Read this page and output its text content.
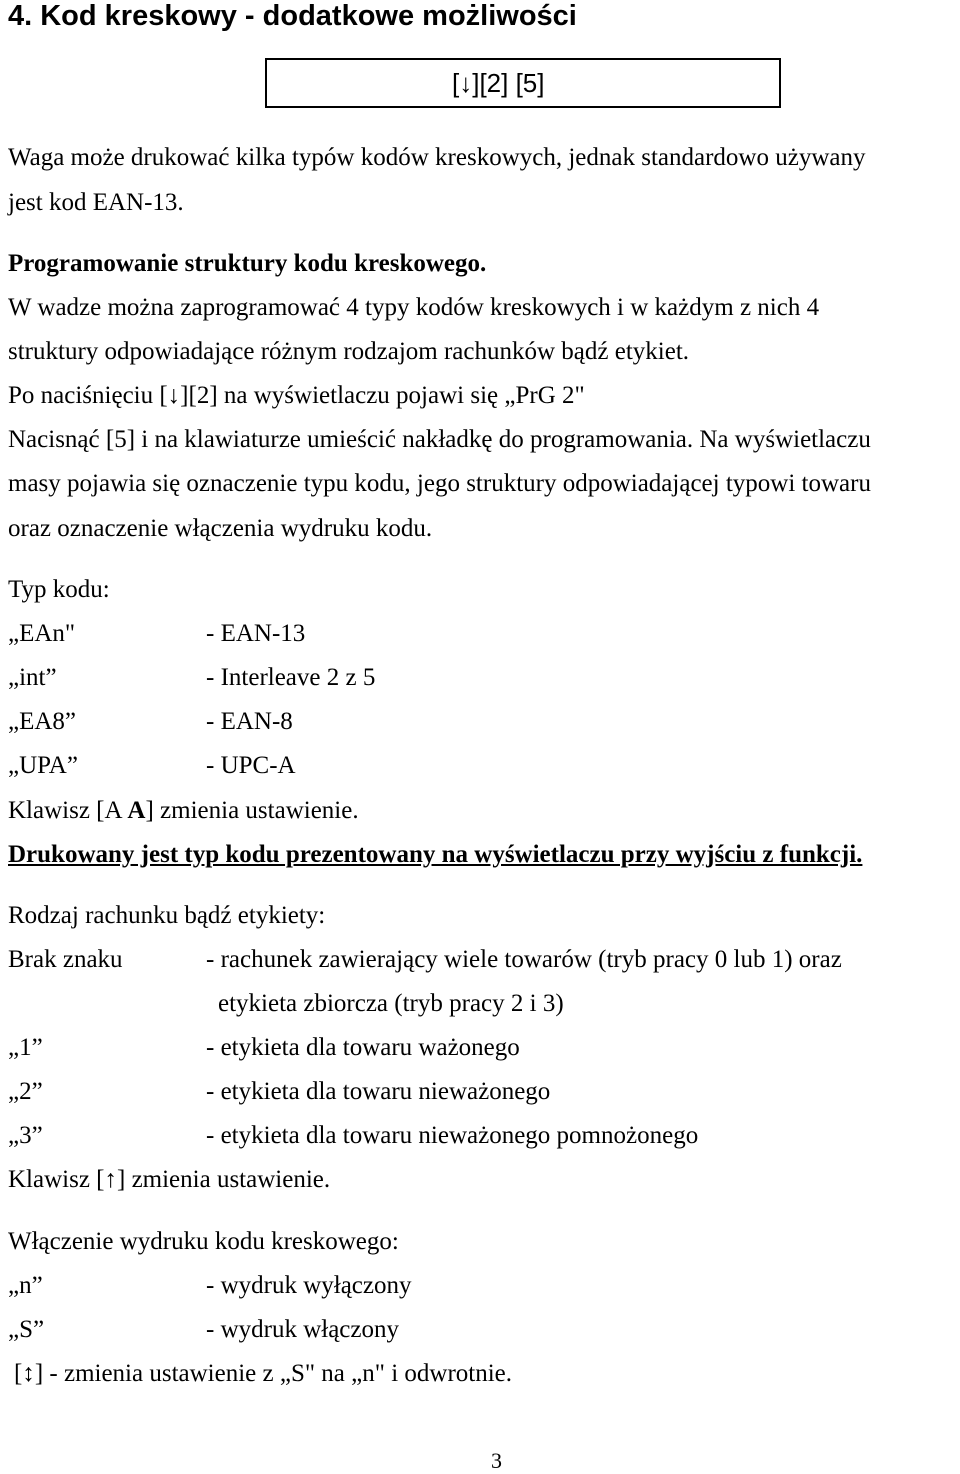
4. Kod kreskowy - dodatkowe możliwości
[↓][2] [5]
Waga może drukować kilka typów kodów kreskowych, jednak standardowo używany
jest kod EAN-13.
Programowanie struktury kodu kreskowego.
W wadze można zaprogramować 4 typy kodów kreskowych i w każdym z nich 4
struktury odpowiadające różnym rodzajom rachunków bądź etykiet.
Po naciśnięciu [↓][2] na wyświetlaczu pojawi się „PrG 2"
Nacisnąć [5] i na klawiaturze umieścić nakładkę do programowania. Na wyświetlaczu
masy pojawia się oznaczenie typu kodu, jego struktury odpowiadającej typowi towaru
oraz oznaczenie włączenia wydruku kodu.
Typ kodu:
„EAn"	- EAN-13
„int”	- Interleave 2 z 5
„EA8”	- EAN-8
„UPA”	- UPC-A
Klawisz [A A] zmienia ustawienie.
Drukowany jest typ kodu prezentowany na wyświetlaczu przy wyjściu z funkcji.
Rodzaj rachunku bądź etykiety:
Brak znaku	- rachunek zawierający wiele towarów (tryb pracy 0 lub 1) oraz
etykieta zbiorcza (tryb pracy 2 i 3)
„1”	- etykieta dla towaru ważonego
„2”	- etykieta dla towaru nieważonego
„3”	- etykieta dla towaru nieważonego pomnożonego
Klawisz [↑] zmienia ustawienie.
Włączenie wydruku kodu kreskowego:
„n”	- wydruk wyłączony
„S”	- wydruk włączony
[↕] - zmienia ustawienie z „S" na „n" i odwrotnie.
3
